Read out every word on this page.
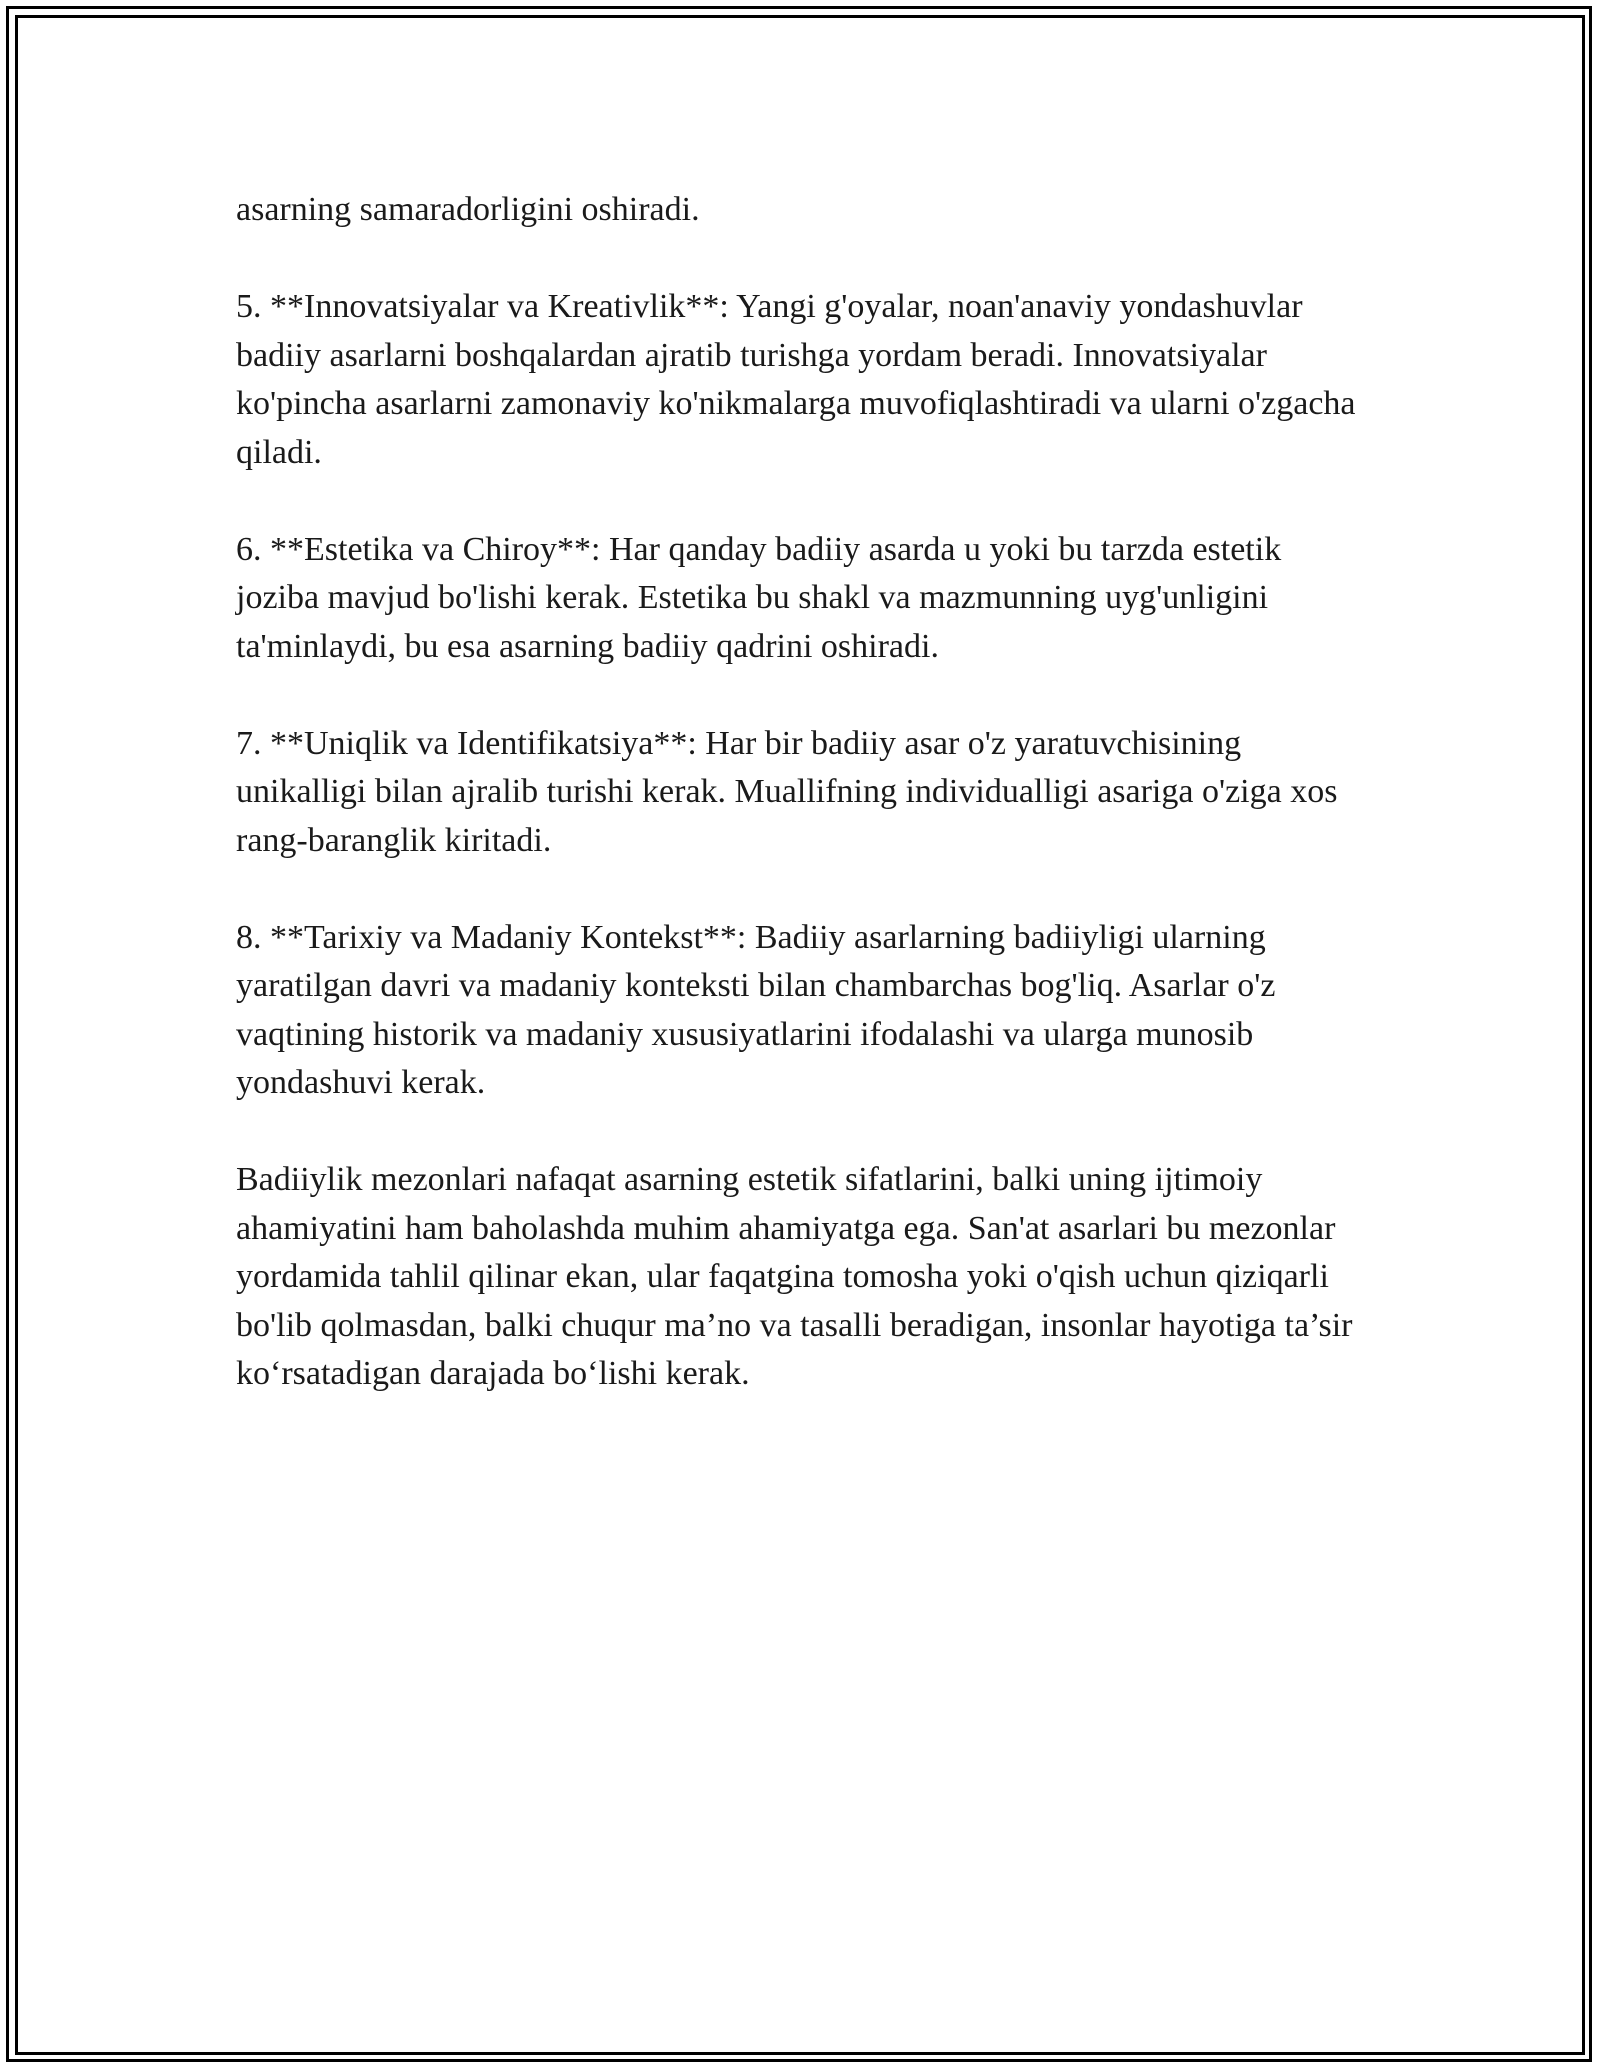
asarning samaradorligini oshiradi.

5. **Innovatsiyalar va Kreativlik**: Yangi g'oyalar, noan'anaviy yondashuvlar badiiy asarlarni boshqalardan ajratib turishga yordam beradi. Innovatsiyalar ko'pincha asarlarni zamonaviy ko'nikmalarga muvofiqlashtiradi va ularni o'zgacha qiladi.

6. **Estetika va Chiroy**: Har qanday badiiy asarda u yoki bu tarzda estetik joziba mavjud bo'lishi kerak. Estetika bu shakl va mazmunning uyg'unligini ta'minlaydi, bu esa asarning badiiy qadrini oshiradi.

7. **Uniqlik va Identifikatsiya**: Har bir badiiy asar o'z yaratuvchisining unikalligi bilan ajralib turishi kerak. Muallifning individualligi asariga o'ziga xos rang-baranglik kiritadi.

8. **Tarixiy va Madaniy Kontekst**: Badiiy asarlarning badiiyligi ularning yaratilgan davri va madaniy konteksti bilan chambarchas bog'liq. Asarlar o'z vaqtining historik va madaniy xususiyatlarini ifodalashi va ularga munosib yondashuvi kerak.

Badiiylik mezonlari nafaqat asarning estetik sifatlarini, balki uning ijtimoiy ahamiyatini ham baholashda muhim ahamiyatga ega. San'at asarlari bu mezonlar yordamida tahlil qilinar ekan, ular faqatgina tomosha yoki o'qish uchun qiziqarli bo'lib qolmasdan, balki chuqur ma’no va tasalli beradigan, insonlar hayotiga ta’sir ko‘rsatadigan darajada bo‘lishi kerak.
